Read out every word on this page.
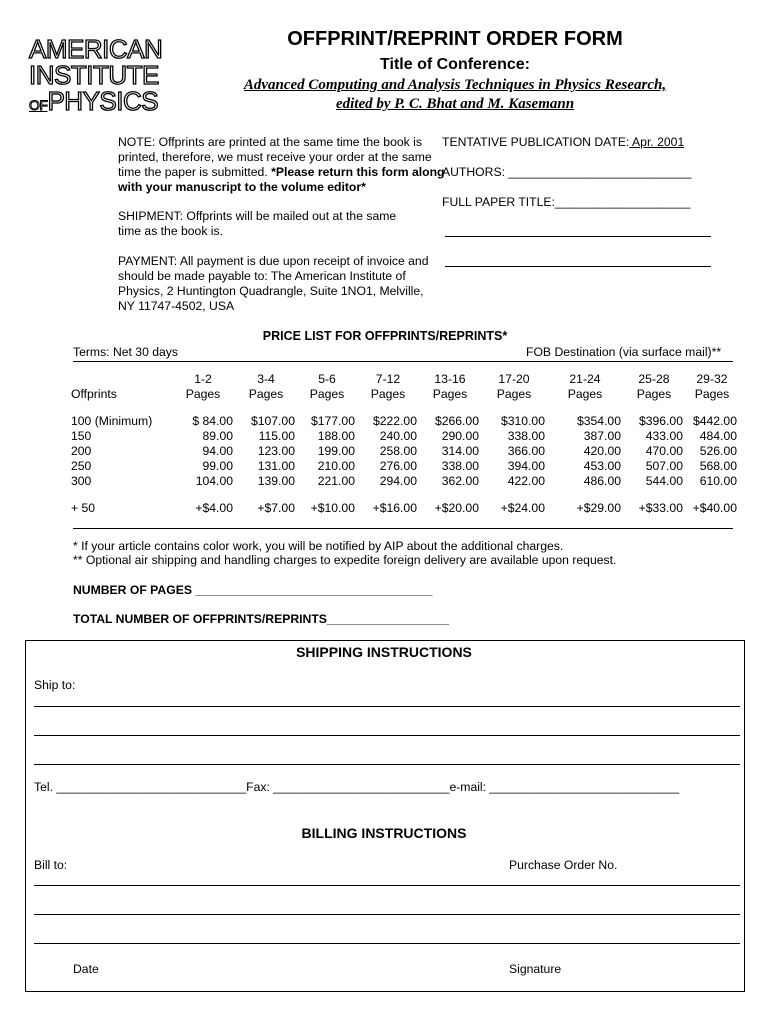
AMERICAN
INSTITUTE
OFPHYSICS
OFFPRINT/REPRINT ORDER FORM
Title of Conference:
Advanced Computing and Analysis Techniques in Physics Research,
edited by P. C. Bhat and M. Kasemann
NOTE: Offprints are printed at the same time the book is printed, therefore, we must receive your order at the same time the paper is submitted. *Please return this form along with your manuscript to the volume editor*
SHIPMENT: Offprints will be mailed out at the same time as the book is.
PAYMENT: All payment is due upon receipt of invoice and should be made payable to: The American Institute of Physics, 2 Huntington Quadrangle, Suite 1NO1, Melville, NY 11747-4502, USA
TENTATIVE PUBLICATION DATE: Apr. 2001
AUTHORS: ___________________________
FULL PAPER TITLE:____________________
PRICE LIST FOR OFFPRINTS/REPRINTS*
Terms: Net 30 days	FOB Destination (via surface mail)**
	1-2	3-4	5-6	7-12	13-16	17-20	21-24	25-28	29-32
Offprints	Pages	Pages	Pages	Pages	Pages	Pages	Pages	Pages	Pages

100 (Minimum)	$ 84.00	$107.00	$177.00	$222.00	$266.00	$310.00	$354.00	$396.00	$442.00
150	89.00	115.00	188.00	240.00	290.00	338.00	387.00	433.00	484.00
200	94.00	123.00	199.00	258.00	314.00	366.00	420.00	470.00	526.00
250	99.00	131.00	210.00	276.00	338.00	394.00	453.00	507.00	568.00
300	104.00	139.00	221.00	294.00	362.00	422.00	486.00	544.00	610.00

+ 50	+$4.00	+$7.00	+$10.00	+$16.00	+$20.00	+$24.00	+$29.00	+$33.00	+$40.00
* If your article contains color work, you will be notified by AIP about the additional charges.
** Optional air shipping and handling charges to expedite foreign delivery are available upon request.
NUMBER OF PAGES ___________________________________
TOTAL NUMBER OF OFFPRINTS/REPRINTS__________________
SHIPPING INSTRUCTIONS
Ship to:
Tel. ____________________________Fax: __________________________e-mail: ____________________________
BILLING INSTRUCTIONS
Bill to:	Purchase Order No.
Date	Signature
